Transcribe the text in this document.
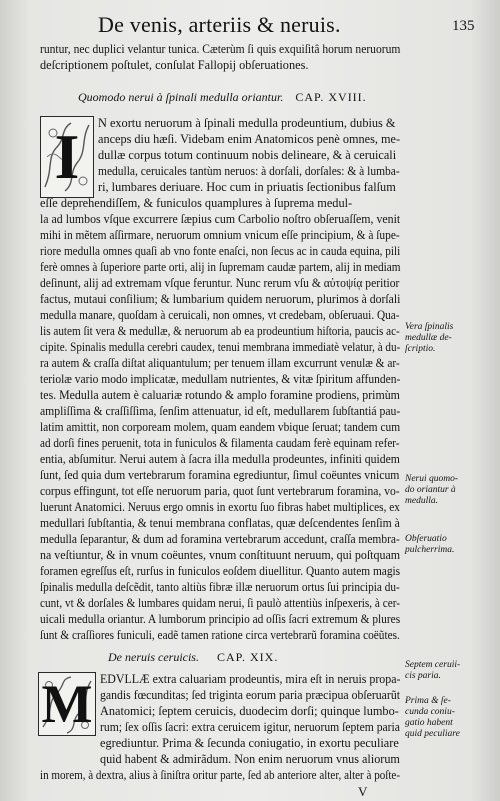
De venis, arteriis & neruis.	135
runtur, nec duplici velantur tunica. Cæterùm ſi quis exquiſitâ horum neruorum
deſcriptionem poſtulet, conſulat Fallopij obſeruationes.
Quomodo nerui à ſpinali medulla oriantur. CAP. XVIII.
I N exortu neruorum à ſpinali medulla prodeuntium, dubius &
anceps diu hæſi. Videbam enim Anatomicos penè omnes, me-
dullæ corpus totum continuum nobis delineare, & à ceruicali
medulla, ceruicales tantùm neruos: à dorſali, dorſales: & à lumba-
ri, lumbares deriuare. Hoc cum in priuatis ſectionibus falſum
eſſe deprehendiſſem, & funiculos quamplures à ſuprema medul-
la ad lumbos vſque excurrere ſæpius cum Carbolio noſtro obſeruaſſem, venit
mihi in mẽtem aſſirmare, neruorum omnium vnicum eſſe principium, & à ſupe-
riore medulla omnes quaſi ab vno fonte enaſci, non ſecus ac in cauda equina, pili
ferè omnes à ſuperiore parte orti, alij in ſupremam caudæ partem, alij in mediam
deſinunt, alij ad extremam vſque feruntur. Nunc rerum vſu & αὐτοψίᾳ peritior
factus, mutaui conſilium; & lumbarium quidem neruorum, plurimos à dorſali
medulla manare, quoſdam à ceruicali, non omnes, vt credebam, obſeruaui. Qua-
lis autem ſit vera & medullæ, & neruorum ab ea prodeuntium hiſtoria, paucis ac-
cipite. Spinalis medulla cerebri caudex, tenui membrana immediatè velatur, à du-
ra autem & craſſa diſtat aliquantulum; per tenuem illam excurrunt venulæ & ar-
teriolæ vario modo implicatæ, medullam nutrientes, & vitæ ſpiritum affunden-
tes. Medulla autem è caluariæ rotundo & amplo foramine prodiens, primùm
ampliſſima & craſſiſſima, ſenſim attenuatur, id eſt, medullarem ſubſtantiá pau-
latim amittit, non corpoream molem, quam eandem vbique ſeruat; tandem cum
ad dorſi fines peruenit, tota in funiculos & filamenta caudam ferè equinam refer-
entia, abſumitur. Nerui autem à ſacra illa medulla prodeuntes, infiniti quidem
ſunt, ſed quia dum vertebrarum foramina egrediuntur, ſimul coëuntes vnicum
corpus effingunt, tot eſſe neruorum paria, quot ſunt vertebrarum foramina, vo-
luerunt Anatomici. Neruus ergo omnis in exortu ſuo fibras habet multiplices, ex
medullari ſubſtantia, & tenui membrana conflatas, quæ deſcendentes ſenſim à
medulla ſeparantur, & dum ad foramina vertebrarum accedunt, craſſa membra-
na veſtiuntur, & in vnum coëuntes, vnum conſtituunt neruum, qui poſtquam
foramen egreſſus eſt, rurſus in funiculos eoſdem diuellitur. Quanto autem magis
ſpinalis medulla deſcẽdit, tanto altiùs fibræ illæ neruorum ortus ſui principia du-
cunt, vt & dorſales & lumbares quidam nerui, ſi paulò attentiùs inſpexeris, à cer-
uicali medulla oriantur. A lumborum principio ad oſſis ſacri extremum & plures
ſunt & craſſiores funiculi, eadẽ tamen ratione circa vertebrarũ foramina coëũtes.
De neruis ceruicis. CAP. XIX.
M EDVLLÆ extra caluariam prodeuntis, mira eſt in neruis propa-
gandis fœcunditas; ſed triginta eorum paria præcipua obſeruarũt
Anatomici; ſeptem ceruicis, duodecim dorſi; quinque lumbo-
rum; ſex oſſis ſacri: extra ceruicem igitur, neruorum ſeptem paria
egrediuntur. Prima & ſecunda coniugatio, in exortu peculiare
quid habent & admirãdum. Non enim neruorum vnus aliorum
in morem, à dextra, alius à ſiniſtra oritur parte, ſed ab anteriore alter, alter à poſte-
V
Vera ſpinalis
medullæ de-
ſcriptio.
Nerui quomo-
do oriantur à
medulla.
Obſeruatio
pulcherrima.
Septem ceruii-
cis paria.
Prima & ſe-
cunda coniu-
gatio habent
quid peculiare
